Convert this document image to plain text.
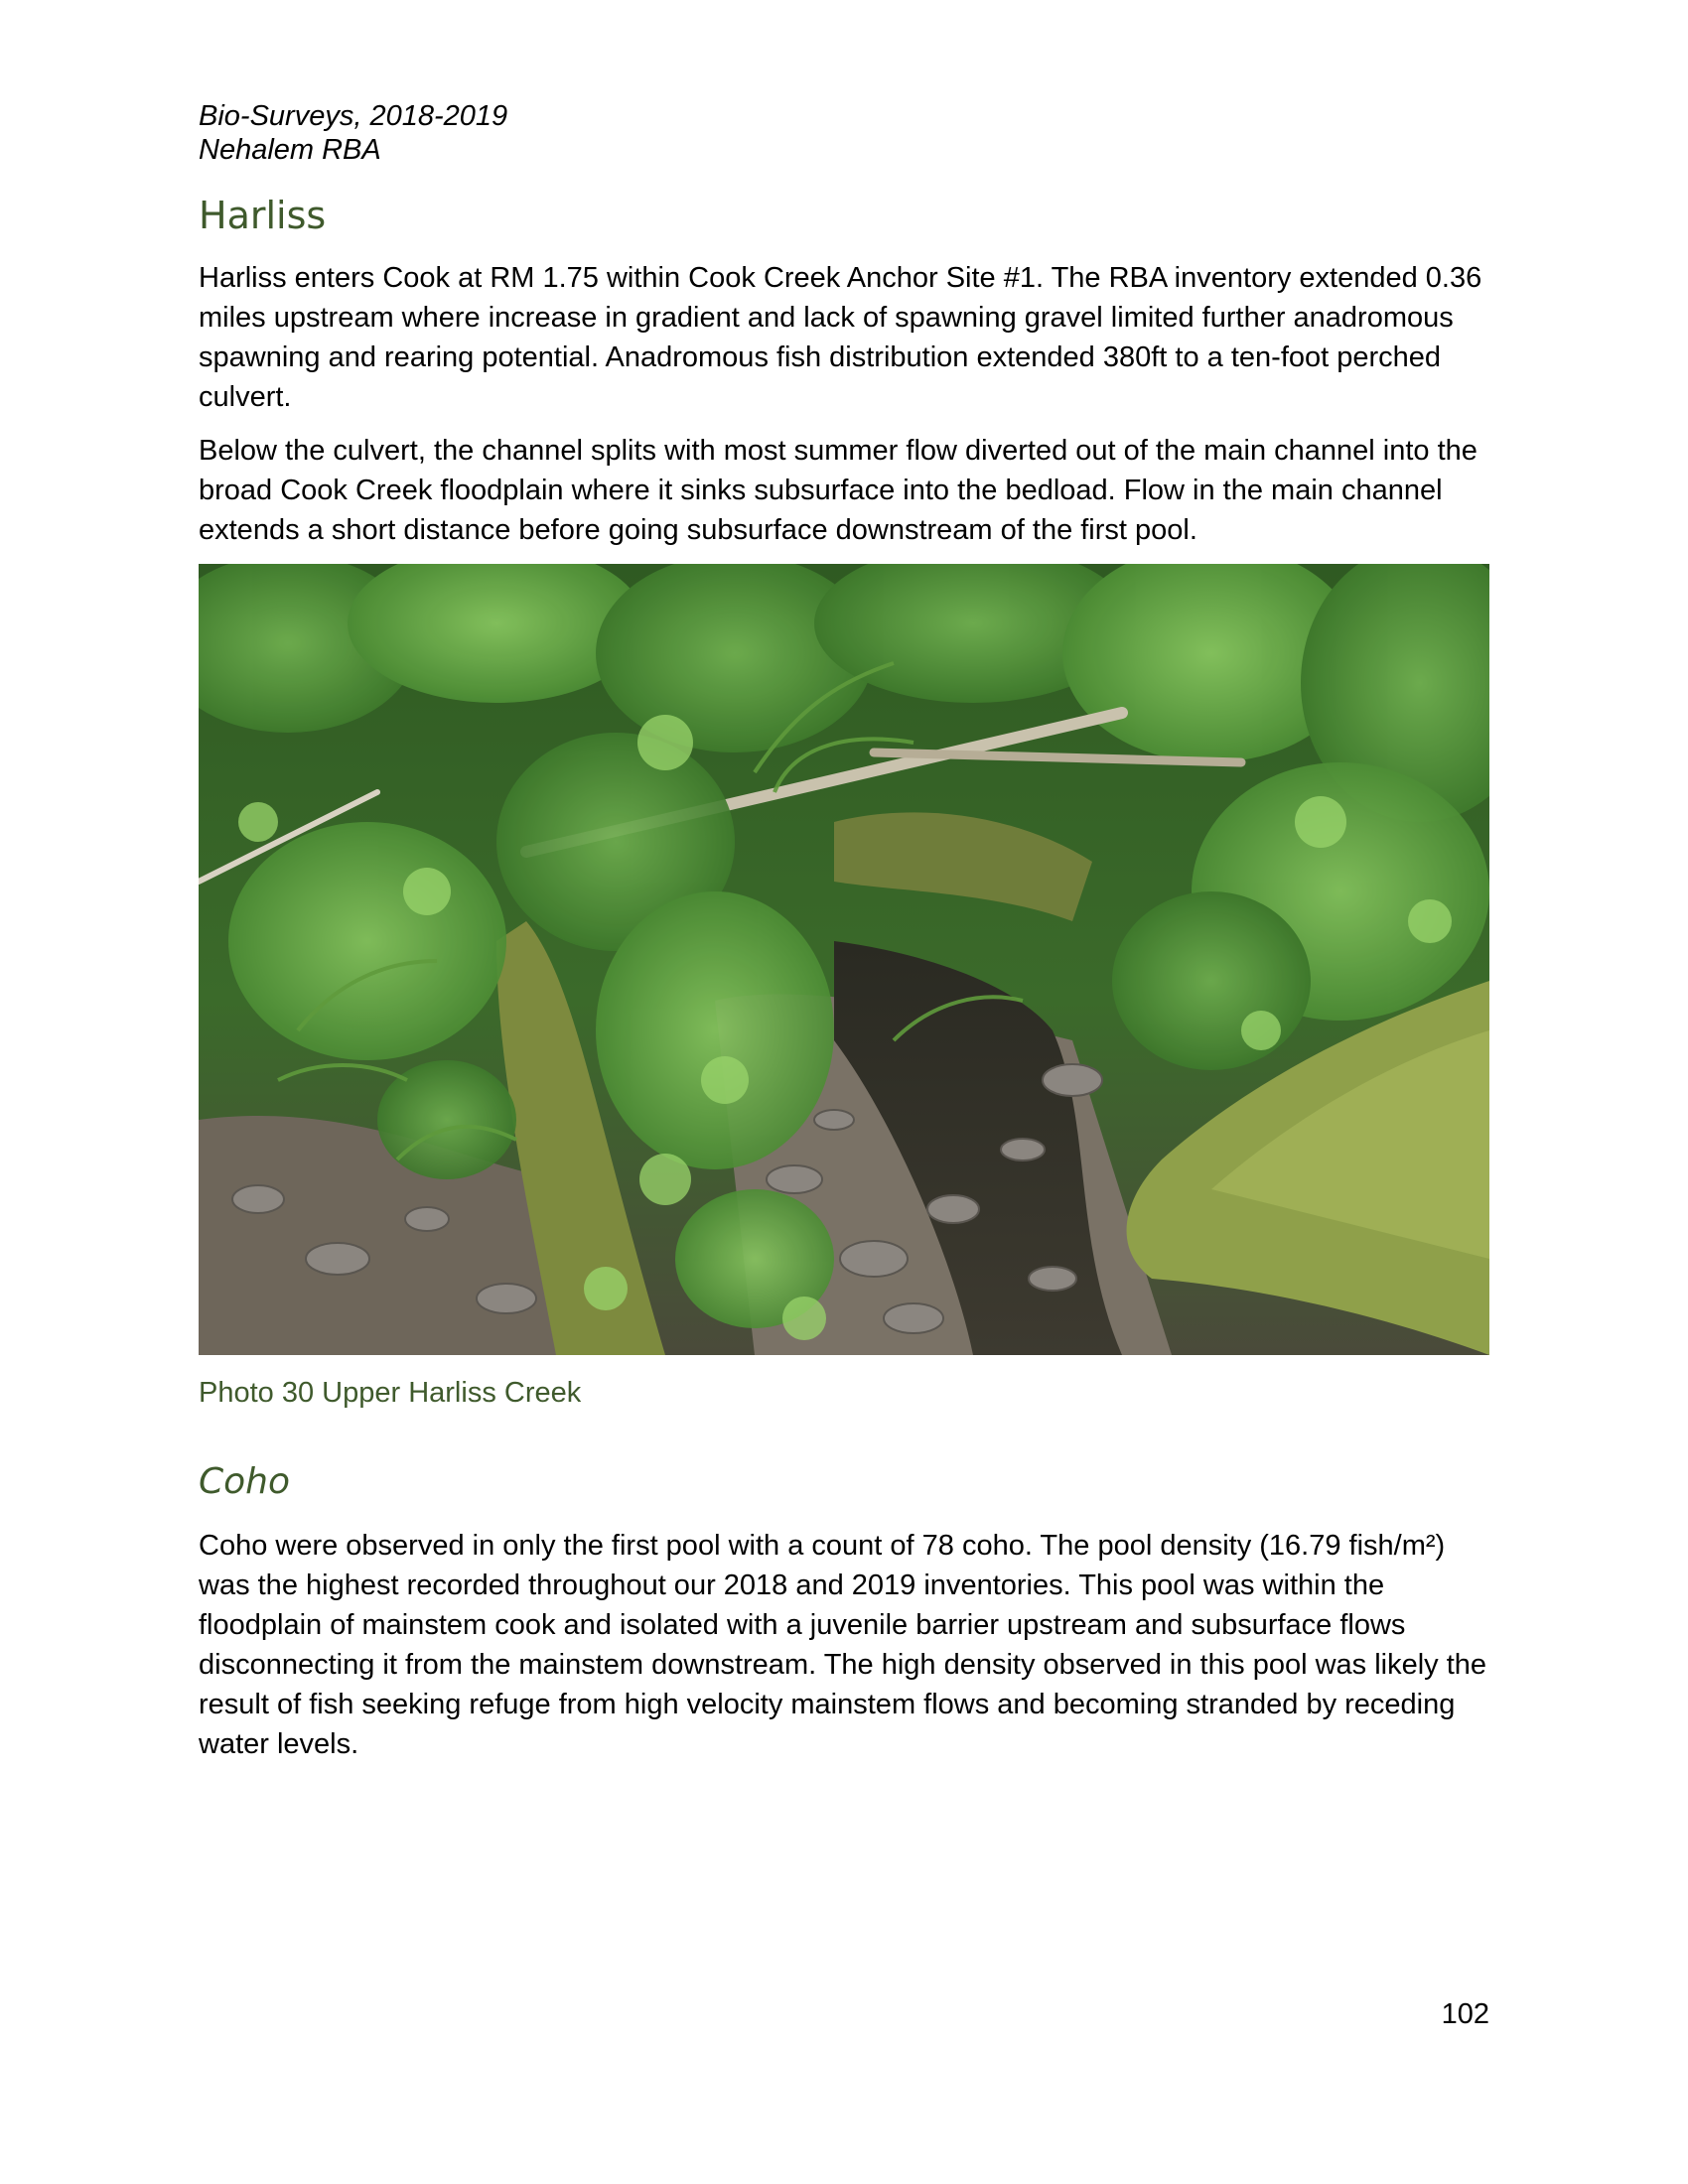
Bio-Surveys, 2018-2019
Nehalem RBA
Harliss

Harliss enters Cook at RM 1.75 within Cook Creek Anchor Site #1. The RBA inventory extended 0.36 miles upstream where increase in gradient and lack of spawning gravel limited further anadromous spawning and rearing potential. Anadromous fish distribution extended 380ft to a ten-foot perched culvert.

Below the culvert, the channel splits with most summer flow diverted out of the main channel into the broad Cook Creek floodplain where it sinks subsurface into the bedload. Flow in the main channel extends a short distance before going subsurface downstream of the first pool.

Photo 30 Upper Harliss Creek

Coho

Coho were observed in only the first pool with a count of 78 coho. The pool density (16.79 fish/m²) was the highest recorded throughout our 2018 and 2019 inventories. This pool was within the floodplain of mainstem cook and isolated with a juvenile barrier upstream and subsurface flows disconnecting it from the mainstem downstream. The high density observed in this pool was likely the result of fish seeking refuge from high velocity mainstem flows and becoming stranded by receding water levels.

102
